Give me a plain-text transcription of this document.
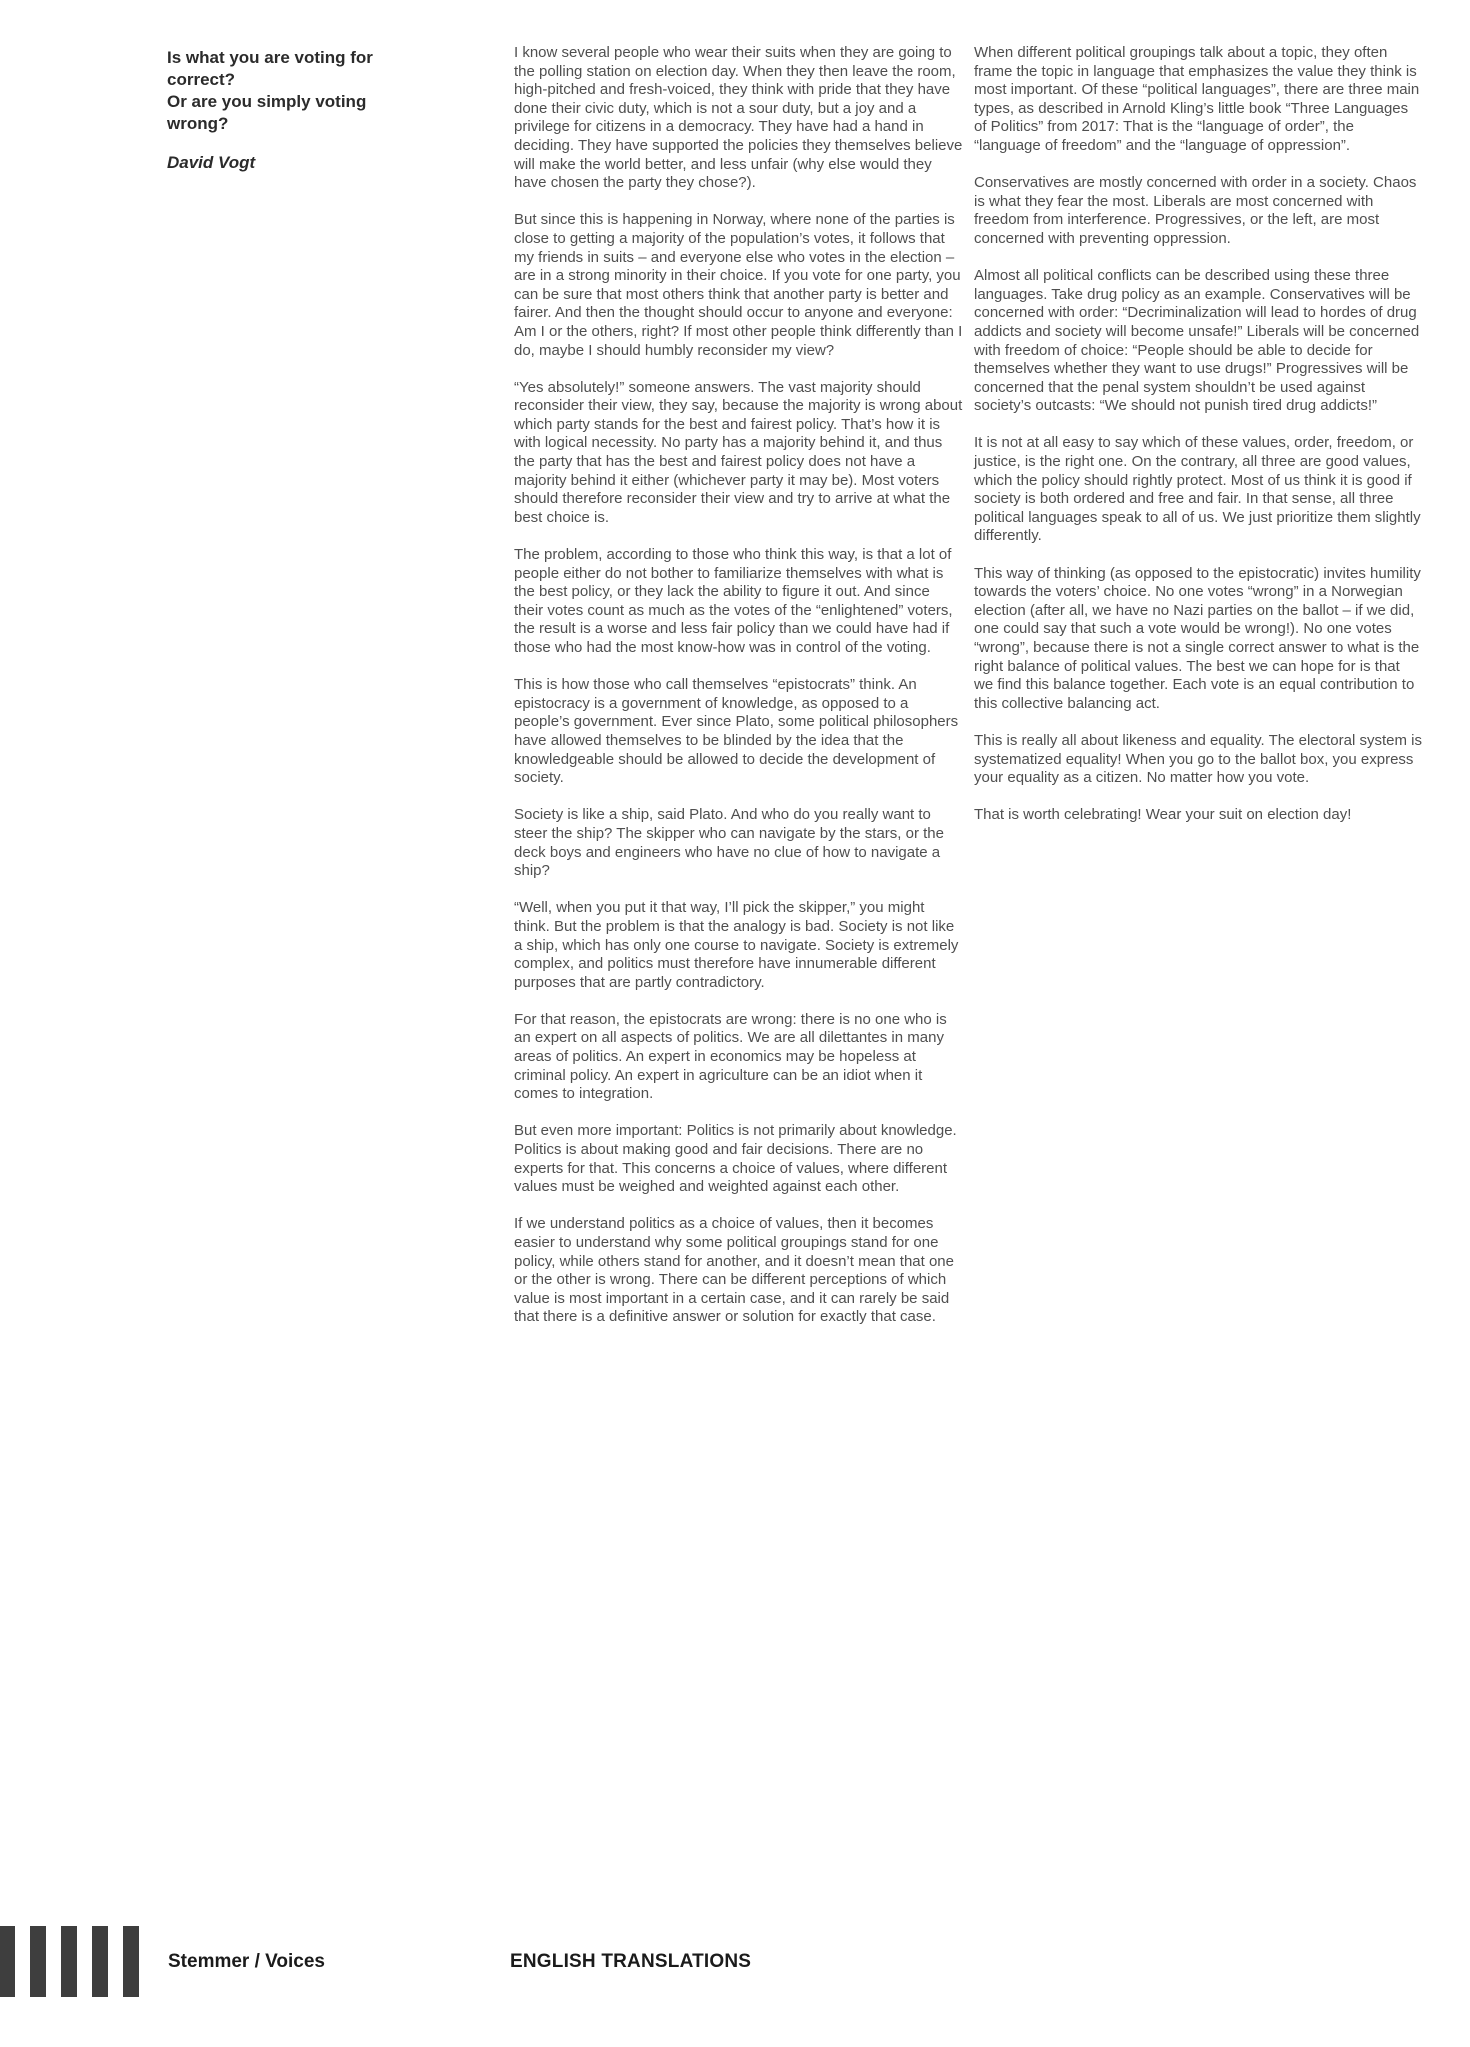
Is what you are voting for correct?
Or are you simply voting wrong?
David Vogt

I know several people who wear their suits when they are going to the polling station on election day. When they then leave the room, high-pitched and fresh-voiced, they think with pride that they have done their civic duty, which is not a sour duty, but a joy and a privilege for citizens in a democracy. They have had a hand in deciding. They have supported the policies they themselves believe will make the world better, and less unfair (why else would they have chosen the party they chose?).

But since this is happening in Norway, where none of the parties is close to getting a majority of the population’s votes, it follows that my friends in suits – and everyone else who votes in the election – are in a strong minority in their choice. If you vote for one party, you can be sure that most others think that another party is better and fairer. And then the thought should occur to anyone and everyone: Am I or the others, right? If most other people think differently than I do, maybe I should humbly reconsider my view?

“Yes absolutely!” someone answers. The vast majority should reconsider their view, they say, because the majority is wrong about which party stands for the best and fairest policy. That’s how it is with logical necessity. No party has a majority behind it, and thus the party that has the best and fairest policy does not have a majority behind it either (whichever party it may be). Most voters should therefore reconsider their view and try to arrive at what the best choice is.

The problem, according to those who think this way, is that a lot of people either do not bother to familiarize themselves with what is the best policy, or they lack the ability to figure it out. And since their votes count as much as the votes of the “enlightened” voters, the result is a worse and less fair policy than we could have had if those who had the most know-how was in control of the voting.

This is how those who call themselves “epistocrats” think. An epistocracy is a government of knowledge, as opposed to a people’s government. Ever since Plato, some political philosophers have allowed themselves to be blinded by the idea that the knowledgeable should be allowed to decide the development of society.

Society is like a ship, said Plato. And who do you really want to steer the ship? The skipper who can navigate by the stars, or the deck boys and engineers who have no clue of how to navigate a ship?

“Well, when you put it that way, I’ll pick the skipper,” you might think. But the problem is that the analogy is bad. Society is not like a ship, which has only one course to navigate. Society is extremely complex, and politics must therefore have innumerable different purposes that are partly contradictory.

For that reason, the epistocrats are wrong: there is no one who is an expert on all aspects of politics. We are all dilettantes in many areas of politics. An expert in economics may be hopeless at criminal policy. An expert in agriculture can be an idiot when it comes to integration.

But even more important: Politics is not primarily about knowledge. Politics is about making good and fair decisions. There are no experts for that. This concerns a choice of values, where different values must be weighed and weighted against each other.

If we understand politics as a choice of values, then it becomes easier to understand why some political groupings stand for one policy, while others stand for another, and it doesn’t mean that one or the other is wrong. There can be different perceptions of which value is most important in a certain case, and it can rarely be said that there is a definitive answer or solution for exactly that case.

When different political groupings talk about a topic, they often frame the topic in language that emphasizes the value they think is most important. Of these “political languages”, there are three main types, as described in Arnold Kling’s little book “Three Languages of Politics” from 2017: That is the “language of order”, the “language of freedom” and the “language of oppression”.

Conservatives are mostly concerned with order in a society. Chaos is what they fear the most. Liberals are most concerned with freedom from interference. Progressives, or the left, are most concerned with preventing oppression.

Almost all political conflicts can be described using these three languages. Take drug policy as an example. Conservatives will be concerned with order: “Decriminalization will lead to hordes of drug addicts and society will become unsafe!” Liberals will be concerned with freedom of choice: “People should be able to decide for themselves whether they want to use drugs!” Progressives will be concerned that the penal system shouldn’t be used against society’s outcasts: “We should not punish tired drug addicts!”

It is not at all easy to say which of these values, order, freedom, or justice, is the right one. On the contrary, all three are good values, which the policy should rightly protect. Most of us think it is good if society is both ordered and free and fair. In that sense, all three political languages speak to all of us. We just prioritize them slightly differently.

This way of thinking (as opposed to the epistocratic) invites humility towards the voters’ choice. No one votes “wrong” in a Norwegian election (after all, we have no Nazi parties on the ballot – if we did, one could say that such a vote would be wrong!). No one votes “wrong”, because there is not a single correct answer to what is the right balance of political values. The best we can hope for is that we find this balance together. Each vote is an equal contribution to this collective balancing act.

This is really all about likeness and equality. The electoral system is systematized equality! When you go to the ballot box, you express your equality as a citizen. No matter how you vote.

That is worth celebrating! Wear your suit on election day!

Stemmer / Voices	ENGLISH TRANSLATIONS
